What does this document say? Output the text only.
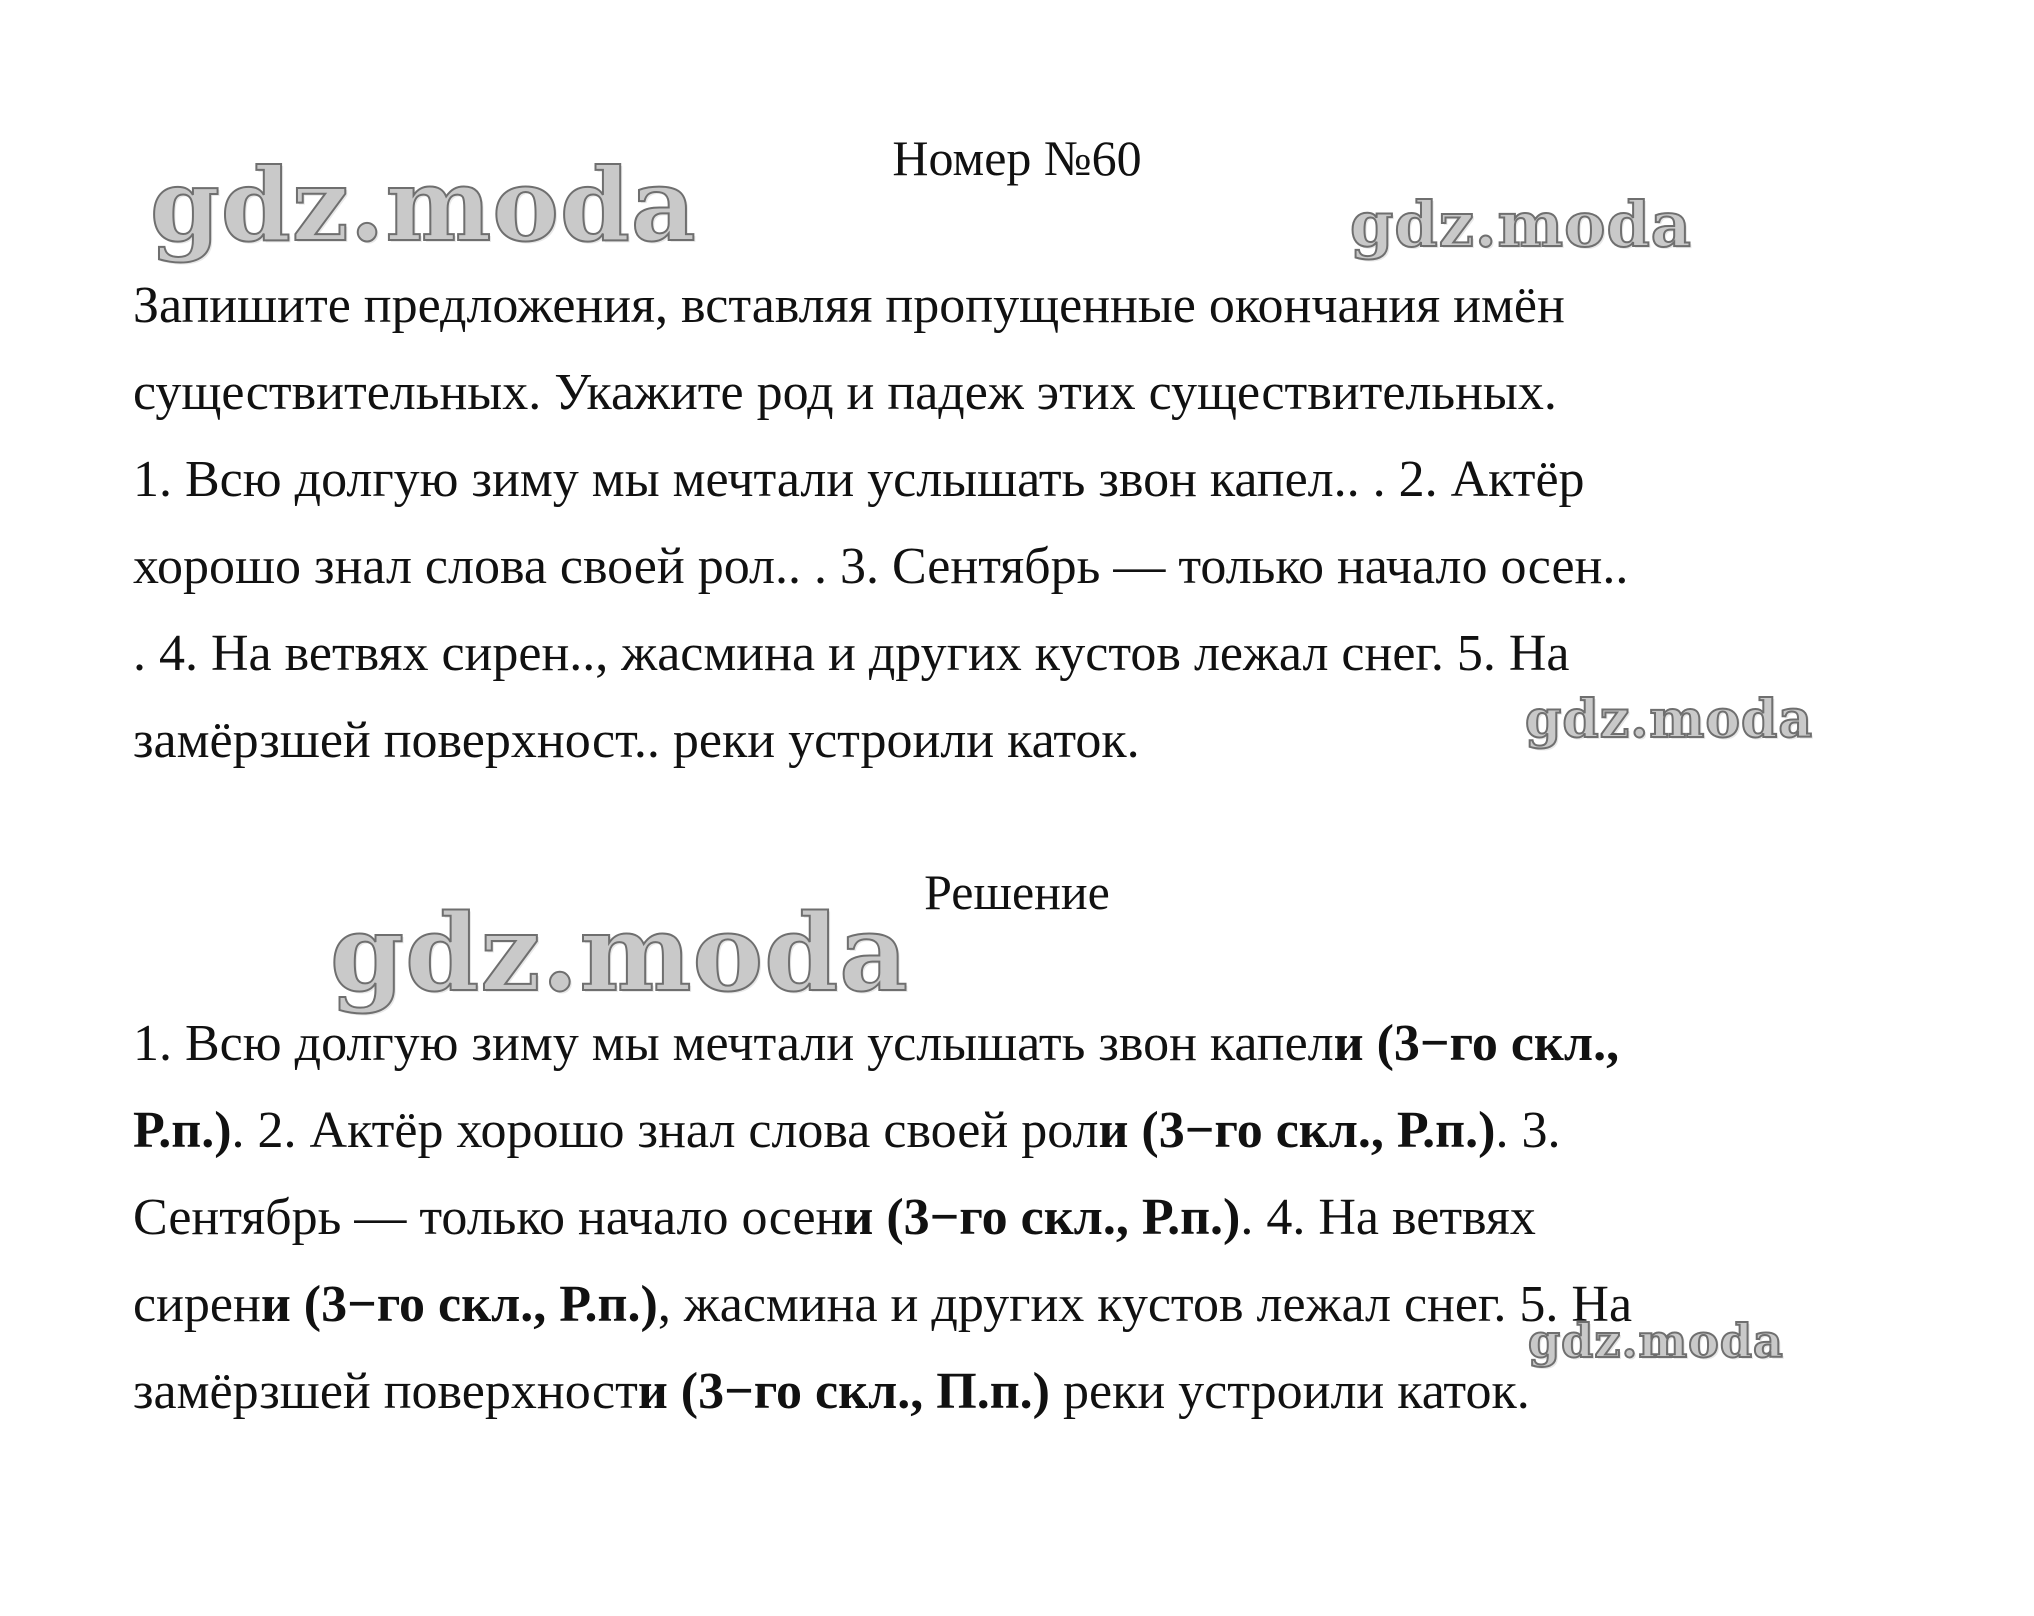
Номер №60
Запишите предложения, вставляя пропущенные окончания имён
существительных. Укажите род и падеж этих существительных.
1. Всю долгую зиму мы мечтали услышать звон капел.. . 2. Актёр
хорошо знал слова своей рол.. . 3. Сентябрь — только начало осен..
. 4. На ветвях сирен.., жасмина и других кустов лежал снег. 5. На
замёрзшей поверхност.. реки устроили каток.
Решение
1. Всю долгую зиму мы мечтали услышать звон капели (3−го скл.,
Р.п.). 2. Актёр хорошо знал слова своей роли (3−го скл., Р.п.). 3.
Сентябрь — только начало осени (3−го скл., Р.п.). 4. На ветвях
сирени (3−го скл., Р.п.), жасмина и других кустов лежал снег. 5. На
замёрзшей поверхности (3−го скл., П.п.) реки устроили каток.
gdz.moda	gdz.moda
gdz.moda
gdz.moda
gdz.moda
